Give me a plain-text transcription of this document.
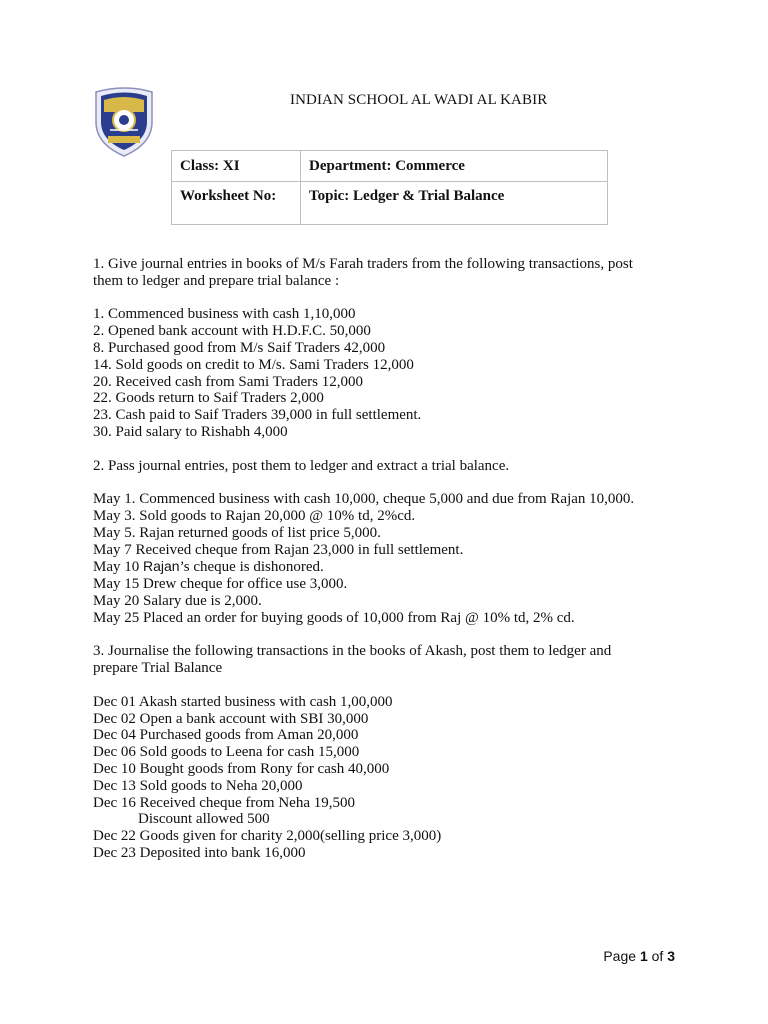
INDIAN SCHOOL AL WADI AL KABIR
Class: XI	Department: Commerce
Worksheet No:	Topic: Ledger & Trial Balance
1. Give journal entries in books of M/s Farah traders from the following transactions, post
them to ledger and prepare trial balance :
1. Commenced business with cash 1,10,000
2. Opened bank account with H.D.F.C. 50,000
8. Purchased good from M/s Saif Traders 42,000
14. Sold goods on credit to M/s. Sami Traders 12,000
20. Received cash from Sami Traders 12,000
22. Goods return to Saif Traders 2,000
23. Cash paid to Saif Traders 39,000 in full settlement.
30. Paid salary to Rishabh 4,000
2. Pass journal entries, post them to ledger and extract a trial balance.
May 1. Commenced business with cash 10,000, cheque 5,000 and due from Rajan 10,000.
May 3. Sold goods to Rajan 20,000 @ 10% td, 2%cd.
May 5. Rajan returned goods of list price 5,000.
May 7 Received cheque from Rajan 23,000 in full settlement.
May 10 Rajan’s cheque is dishonored.
May 15 Drew cheque for office use 3,000.
May 20 Salary due is 2,000.
May 25 Placed an order for buying goods of 10,000 from Raj @ 10% td, 2% cd.
3. Journalise the following transactions in the books of Akash, post them to ledger and
prepare Trial Balance
Dec 01 Akash started business with cash 1,00,000
Dec 02 Open a bank account with SBI 30,000
Dec 04 Purchased goods from Aman 20,000
Dec 06 Sold goods to Leena for cash 15,000
Dec 10 Bought goods from Rony for cash 40,000
Dec 13 Sold goods to Neha 20,000
Dec 16 Received cheque from Neha 19,500
Discount allowed 500
Dec 22 Goods given for charity 2,000(selling price 3,000)
Dec 23 Deposited into bank 16,000
Page 1 of 3
